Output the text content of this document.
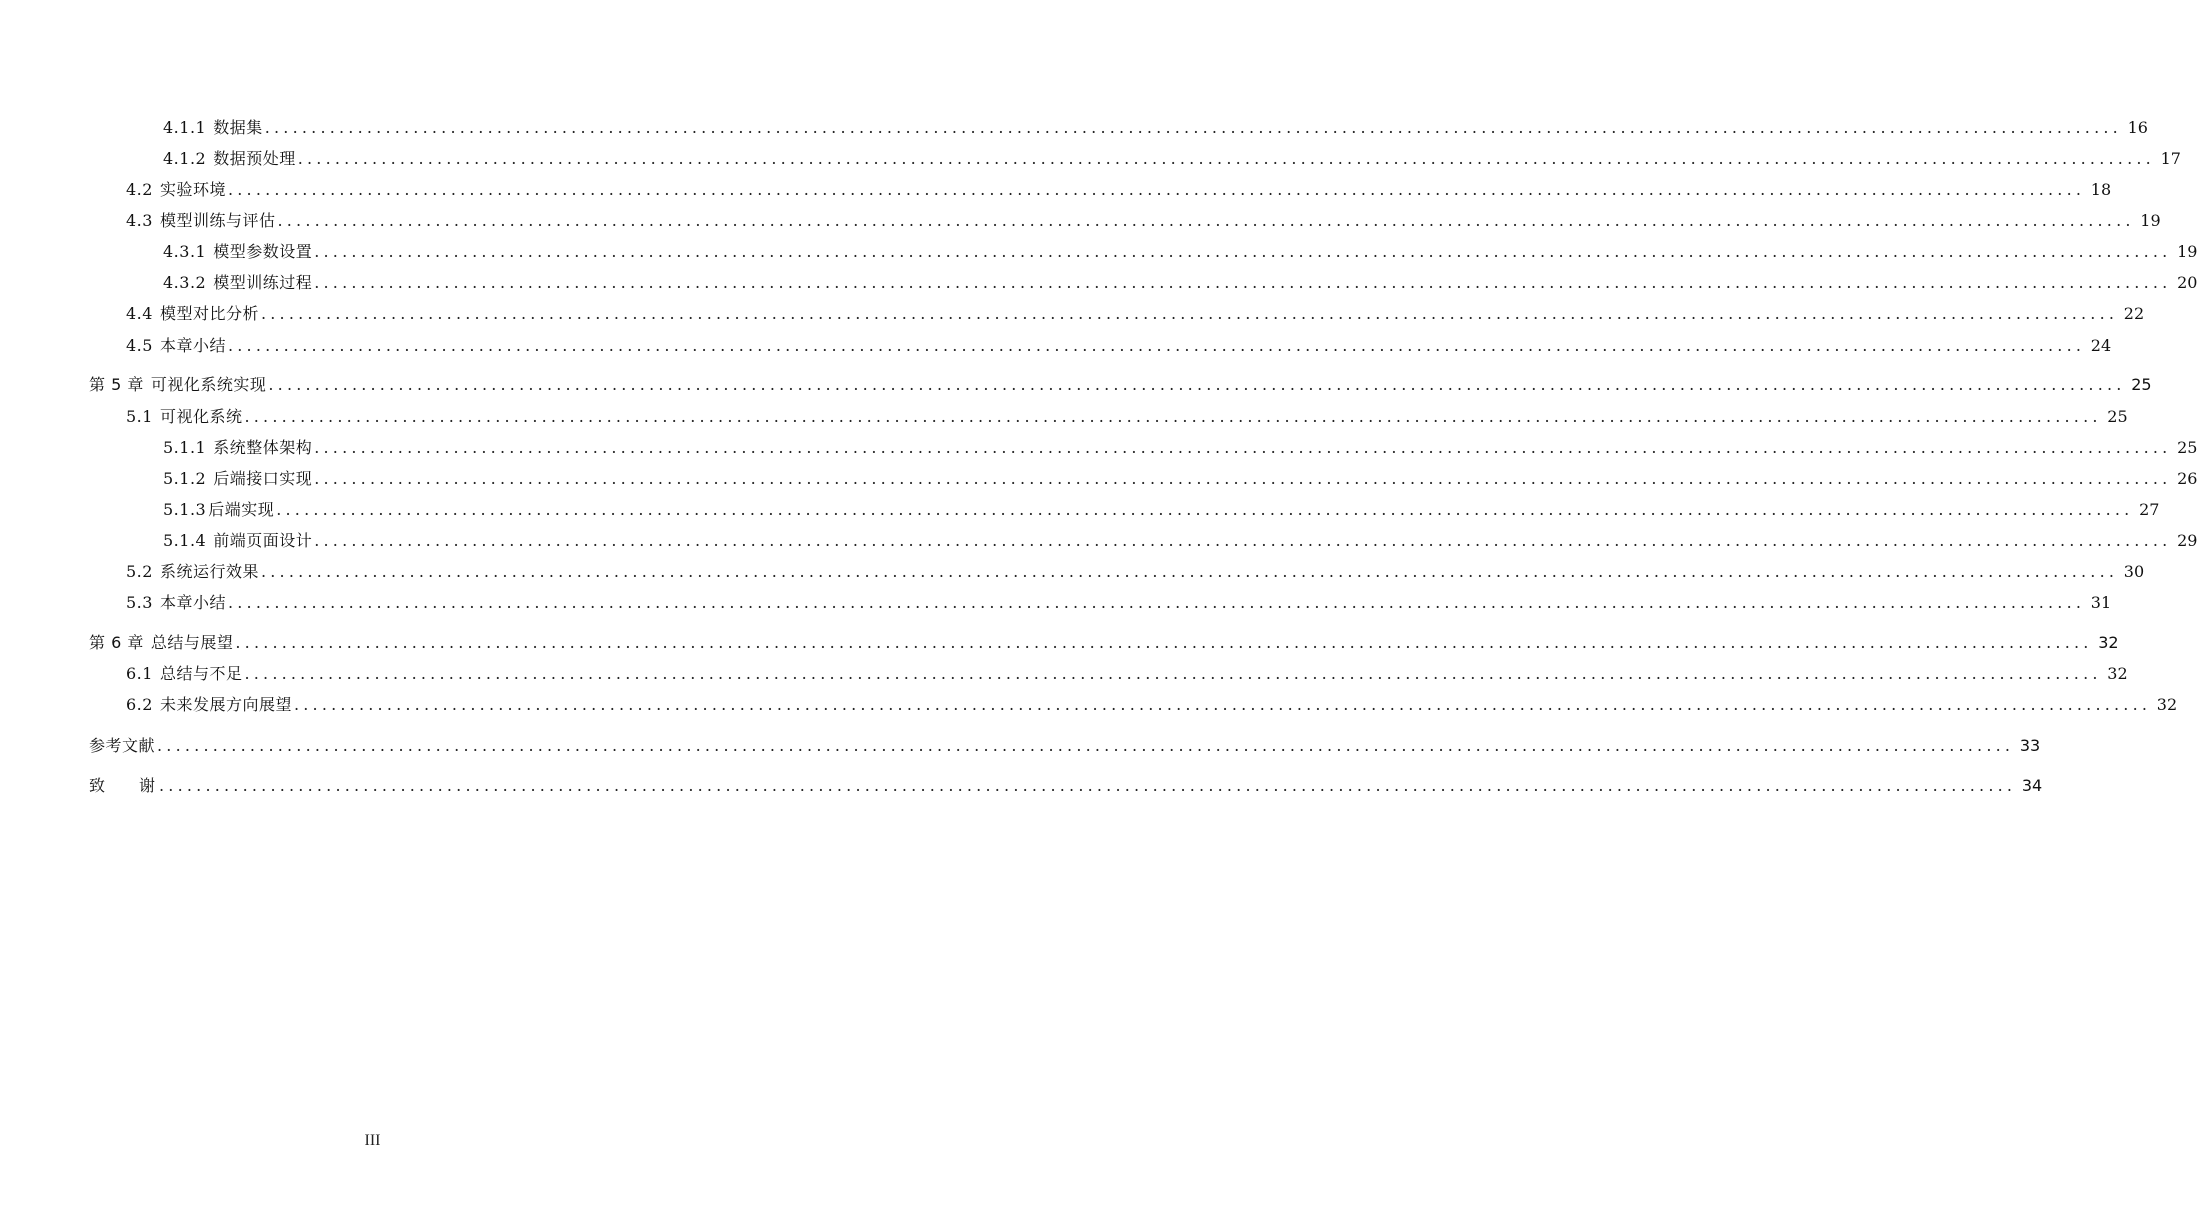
4.1.1 数据集 ........................................................................................................................................................................................................ 16
4.1.2 数据预处理 ........................................................................................................................................................................................................ 17
4.2 实验环境 ........................................................................................................................................................................................................ 18
4.3 模型训练与评估 ........................................................................................................................................................................................................ 19
4.3.1 模型参数设置 ........................................................................................................................................................................................................ 19
4.3.2 模型训练过程 ........................................................................................................................................................................................................ 20
4.4 模型对比分析 ........................................................................................................................................................................................................ 22
4.5 本章小结 ........................................................................................................................................................................................................ 24
第 5 章 可视化系统实现 ........................................................................................................................................................................................................ 25
5.1 可视化系统 ........................................................................................................................................................................................................ 25
5.1.1 系统整体架构 ........................................................................................................................................................................................................ 25
5.1.2 后端接口实现 ........................................................................................................................................................................................................ 26
5.1.3 后端实现 ........................................................................................................................................................................................................ 27
5.1.4 前端页面设计 ........................................................................................................................................................................................................ 29
5.2 系统运行效果 ........................................................................................................................................................................................................ 30
5.3 本章小结 ........................................................................................................................................................................................................ 31
第 6 章 总结与展望 ........................................................................................................................................................................................................ 32
6.1 总结与不足 ........................................................................................................................................................................................................ 32
6.2 未来发展方向展望 ........................................................................................................................................................................................................ 32
参考文献 ........................................................................................................................................................................................................ 33
致谢
........................................................................................................................................................................................................ 34
III
